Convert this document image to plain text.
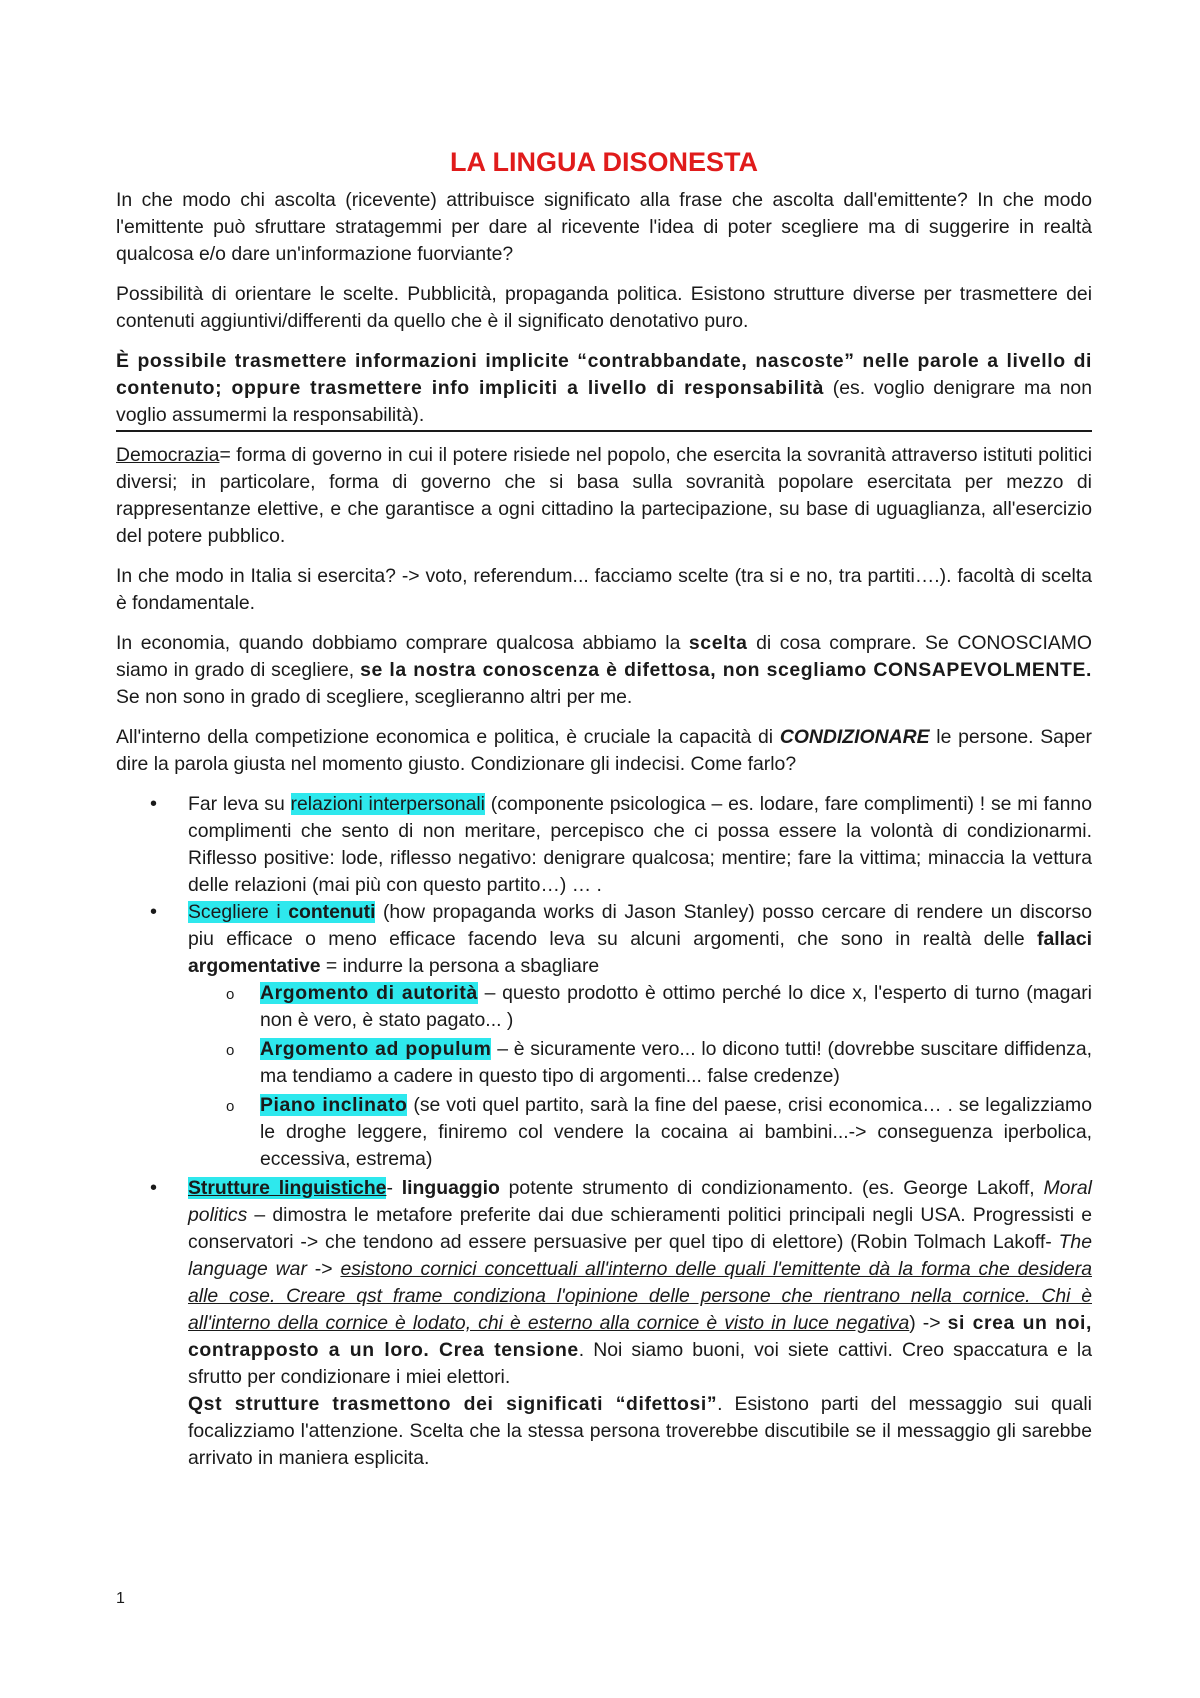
LA LINGUA DISONESTA

In che modo chi ascolta (ricevente) attribuisce significato alla frase che ascolta dall'emittente? In che modo l'emittente può sfruttare stratagemmi per dare al ricevente l'idea di poter scegliere ma di suggerire in realtà qualcosa e/o dare un'informazione fuorviante?

Possibilità di orientare le scelte. Pubblicità, propaganda politica. Esistono strutture diverse per trasmettere dei contenuti aggiuntivi/differenti da quello che è il significato denotativo puro.

È possibile trasmettere informazioni implicite “contrabbandate, nascoste” nelle parole a livello di contenuto; oppure trasmettere info impliciti a livello di responsabilità (es. voglio denigrare ma non voglio assumermi la responsabilità).

Democrazia= forma di governo in cui il potere risiede nel popolo, che esercita la sovranità attraverso istituti politici diversi; in particolare, forma di governo che si basa sulla sovranità popolare esercitata per mezzo di rappresentanze elettive, e che garantisce a ogni cittadino la partecipazione, su base di uguaglianza, all'esercizio del potere pubblico.

In che modo in Italia si esercita? -> voto, referendum... facciamo scelte (tra si e no, tra partiti….). facoltà di scelta è fondamentale.

In economia, quando dobbiamo comprare qualcosa abbiamo la scelta di cosa comprare. Se CONOSCIAMO siamo in grado di scegliere, se la nostra conoscenza è difettosa, non scegliamo CONSAPEVOLMENTE. Se non sono in grado di scegliere, sceglieranno altri per me.

All'interno della competizione economica e politica, è cruciale la capacità di CONDIZIONARE le persone. Saper dire la parola giusta nel momento giusto. Condizionare gli indecisi. Come farlo?

• Far leva su relazioni interpersonali (componente psicologica – es. lodare, fare complimenti) ! se mi fanno complimenti che sento di non meritare, percepisco che ci possa essere la volontà di condizionarmi. Riflesso positive: lode, riflesso negativo: denigrare qualcosa; mentire; fare la vittima; minaccia la vettura delle relazioni (mai più con questo partito…) … .
• Scegliere i contenuti (how propaganda works di Jason Stanley) posso cercare di rendere un discorso piu efficace o meno efficace facendo leva su alcuni argomenti, che sono in realtà delle fallaci argomentative = indurre la persona a sbagliare
o Argomento di autorità – questo prodotto è ottimo perché lo dice x, l'esperto di turno (magari non è vero, è stato pagato... )
o Argomento ad populum – è sicuramente vero... lo dicono tutti! (dovrebbe suscitare diffidenza, ma tendiamo a cadere in questo tipo di argomenti... false credenze)
o Piano inclinato (se voti quel partito, sarà la fine del paese, crisi economica… . se legalizziamo le droghe leggere, finiremo col vendere la cocaina ai bambini...-> conseguenza iperbolica, eccessiva, estrema)
• Strutture linguistiche- linguaggio potente strumento di condizionamento. (es. George Lakoff, Moral politics – dimostra le metafore preferite dai due schieramenti politici principali negli USA. Progressisti e conservatori -> che tendono ad essere persuasive per quel tipo di elettore) (Robin Tolmach Lakoff- The language war -> esistono cornici concettuali all'interno delle quali l'emittente dà la forma che desidera alle cose. Creare qst frame condiziona l'opinione delle persone che rientrano nella cornice. Chi è all'interno della cornice è lodato, chi è esterno alla cornice è visto in luce negativa) -> si crea un noi, contrapposto a un loro. Crea tensione. Noi siamo buoni, voi siete cattivi. Creo spaccatura e la sfrutto per condizionare i miei elettori.
Qst strutture trasmettono dei significati “difettosi”. Esistono parti del messaggio sui quali focalizziamo l'attenzione. Scelta che la stessa persona troverebbe discutibile se il messaggio gli sarebbe arrivato in maniera esplicita.
1
